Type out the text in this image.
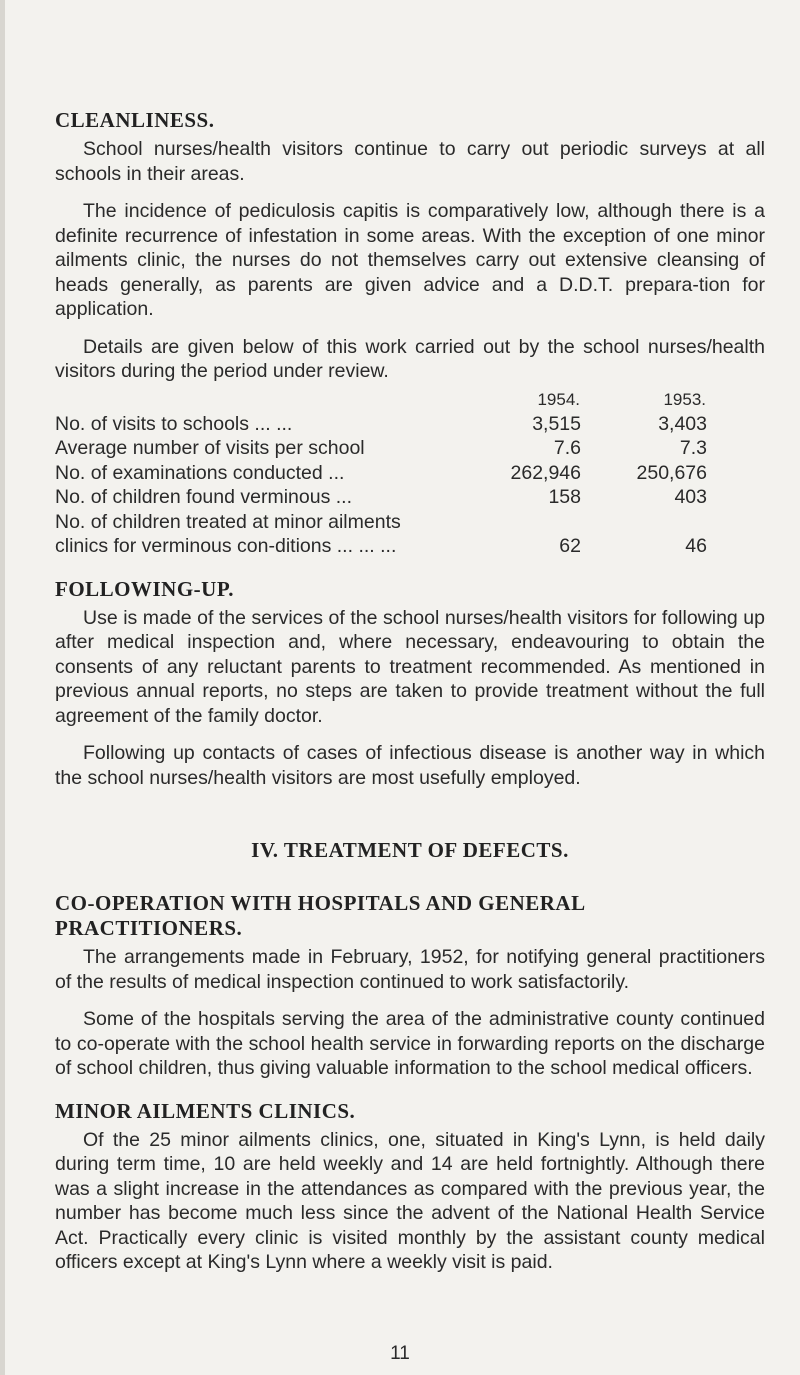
CLEANLINESS.

School nurses/health visitors continue to carry out periodic surveys at all schools in their areas.

The incidence of pediculosis capitis is comparatively low, although there is a definite recurrence of infestation in some areas. With the exception of one minor ailments clinic, the nurses do not themselves carry out extensive cleansing of heads generally, as parents are given advice and a D.D.T. prepara-tion for application.

Details are given below of this work carried out by the school nurses/health visitors during the period under review.

	1954.	1953.
No. of visits to schools ... ...	3,515	3,403
Average number of visits per school	7.6	7.3
No. of examinations conducted ...	262,946	250,676
No. of children found verminous ...	158	403
No. of children treated at minor ailments clinics for verminous con-ditions ... ... ...	62	46
FOLLOWING-UP.

Use is made of the services of the school nurses/health visitors for following up after medical inspection and, where necessary, endeavouring to obtain the consents of any reluctant parents to treatment recommended. As mentioned in previous annual reports, no steps are taken to provide treatment without the full agreement of the family doctor.

Following up contacts of cases of infectious disease is another way in which the school nurses/health visitors are most usefully employed.

IV. TREATMENT OF DEFECTS.
CO-OPERATION WITH HOSPITALS AND GENERAL PRACTITIONERS.

The arrangements made in February, 1952, for notifying general practitioners of the results of medical inspection continued to work satisfactorily.

Some of the hospitals serving the area of the administrative county continued to co-operate with the school health service in forwarding reports on the discharge of school children, thus giving valuable information to the school medical officers.

MINOR AILMENTS CLINICS.

Of the 25 minor ailments clinics, one, situated in King's Lynn, is held daily during term time, 10 are held weekly and 14 are held fortnightly. Although there was a slight increase in the attendances as compared with the previous year, the number has become much less since the advent of the National Health Service Act. Practically every clinic is visited monthly by the assistant county medical officers except at King's Lynn where a weekly visit is paid.

11
